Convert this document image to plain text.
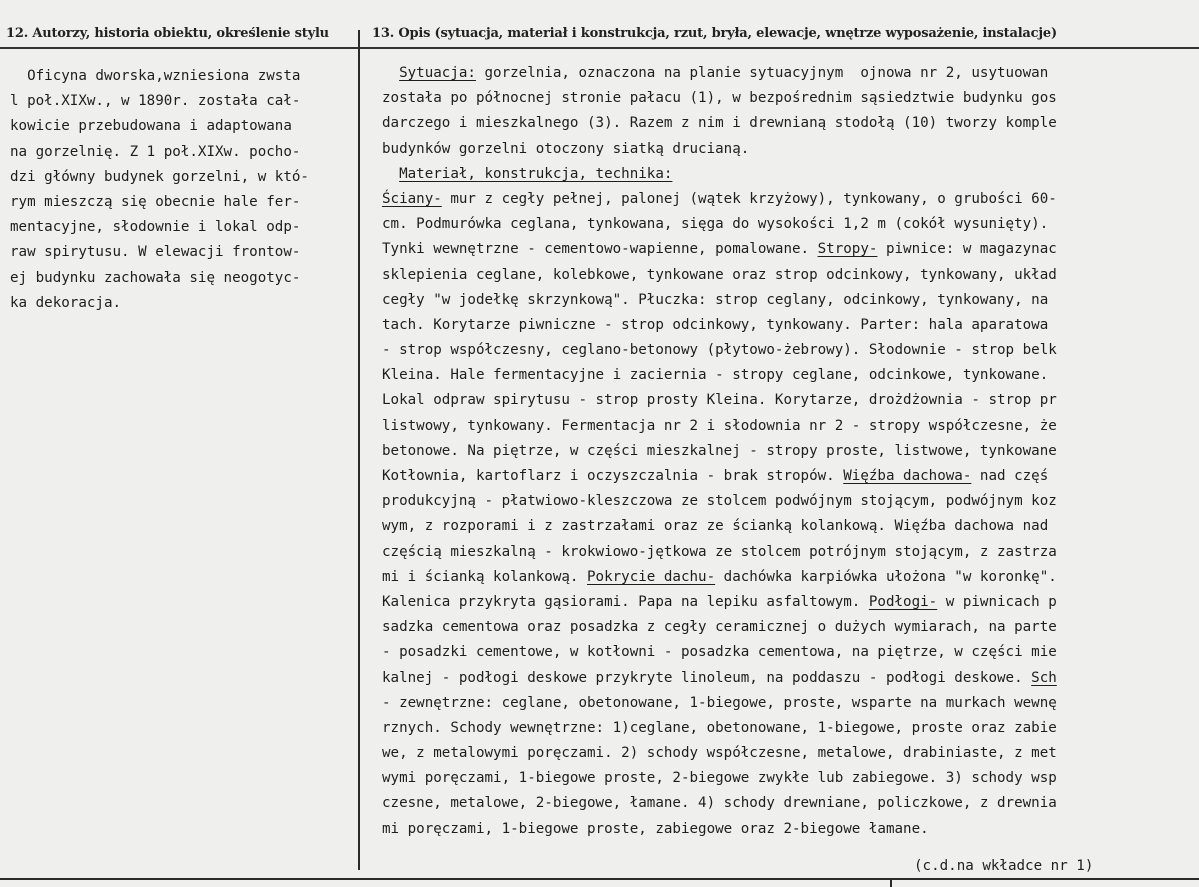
12. Autorzy, historia obiektu, określenie stylu	13. Opis (sytuacja, materiał i konstrukcja, rzut, bryła, elewacje, wnętrze wyposażenie, instalacje)
Oficyna dworska,wzniesiona zwsta
l poł.XIXw., w 1890r. została cał-
kowicie przebudowana i adaptowana
na gorzelnię. Z 1 poł.XIXw. pocho-
dzi główny budynek gorzelni, w któ-
rym mieszczą się obecnie hale fer-
mentacyjne, słodownie i lokal odp-
raw spirytusu. W elewacji frontow-
ej budynku zachowała się neogotyc-
ka dekoracja.
Sytuacja: gorzelnia, oznaczona na planie sytuacyjnym  ojnowa nr 2, usytuowan
została po północnej stronie pałacu (1), w bezpośrednim sąsiedztwie budynku gos
darczego i mieszkalnego (3). Razem z nim i drewnianą stodołą (10) tworzy komple
budynków gorzelni otoczony siatką drucianą.
Materiał, konstrukcja, technika:
Ściany- mur z cegły pełnej, palonej (wątek krzyżowy), tynkowany, o grubości 60-
cm. Podmurówka ceglana, tynkowana, sięga do wysokości 1,2 m (cokół wysunięty).
Tynki wewnętrzne - cementowo-wapienne, pomalowane. Stropy- piwnice: w magazynac
sklepienia ceglane, kolebkowe, tynkowane oraz strop odcinkowy, tynkowany, układ
cegły "w jodełkę skrzynkową". Płuczka: strop ceglany, odcinkowy, tynkowany, na
tach. Korytarze piwniczne - strop odcinkowy, tynkowany. Parter: hala aparatowa
- strop współczesny, ceglano-betonowy (płytowo-żebrowy). Słodownie - strop belk
Kleina. Hale fermentacyjne i zaciernia - stropy ceglane, odcinkowe, tynkowane.
Lokal odpraw spirytusu - strop prosty Kleina. Korytarze, drożdżownia - strop pr
listwowy, tynkowany. Fermentacja nr 2 i słodownia nr 2 - stropy współczesne, że
betonowe. Na piętrze, w części mieszkalnej - stropy proste, listwowe, tynkowane
Kotłownia, kartoflarz i oczyszczalnia - brak stropów. Więźba dachowa- nad częś
produkcyjną - płatwiowo-kleszczowa ze stolcem podwójnym stojącym, podwójnym koz
wym, z rozporami i z zastrzałami oraz ze ścianką kolankową. Więźba dachowa nad
częścią mieszkalną - krokwiowo-jętkowa ze stolcem potrójnym stojącym, z zastrza
mi i ścianką kolankową. Pokrycie dachu- dachówka karpiówka ułożona "w koronkę".
Kalenica przykryta gąsiorami. Papa na lepiku asfaltowym. Podłogi- w piwnicach p
sadzka cementowa oraz posadzka z cegły ceramicznej o dużych wymiarach, na parte
- posadzki cementowe, w kotłowni - posadzka cementowa, na piętrze, w części mie
kalnej - podłogi deskowe przykryte linoleum, na poddaszu - podłogi deskowe. Sch
- zewnętrzne: ceglane, obetonowane, 1-biegowe, proste, wsparte na murkach wewnę
rznych. Schody wewnętrzne: 1)ceglane, obetonowane, 1-biegowe, proste oraz zabie
we, z metalowymi poręczami. 2) schody współczesne, metalowe, drabiniaste, z met
wymi poręczami, 1-biegowe proste, 2-biegowe zwykłe lub zabiegowe. 3) schody wsp
czesne, metalowe, 2-biegowe, łamane. 4) schody drewniane, policzkowe, z drewnia
mi poręczami, 1-biegowe proste, zabiegowe oraz 2-biegowe łamane.
(c.d.na wkładce nr 1)
